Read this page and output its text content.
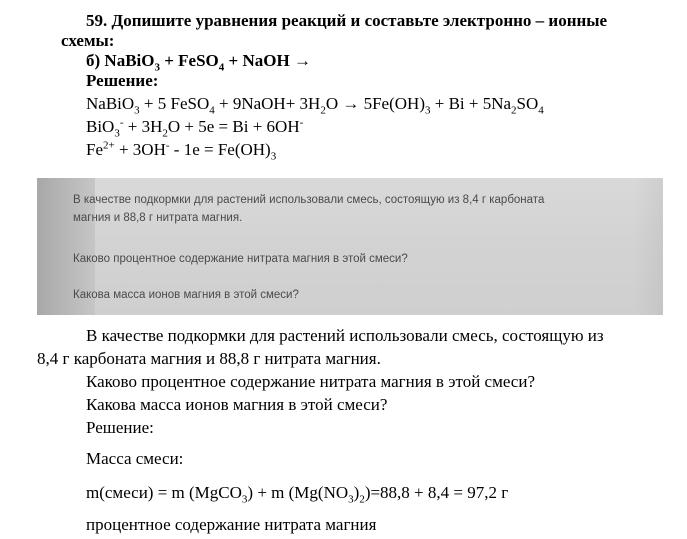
59. Допишите уравнения реакций и составьте электронно – ионные
схемы:
б) NaBiO$_3$ + FeSO$_4$ + NaOH →
Решение:
NaBiO$_3$ + 5 FeSO$_4$ + 9NaOH+ $3H_2O \to 5Fe(OH)_3 + Bi + 5Na_2SO_4$
$BiO_3^- + 3H_2O + 5e = Bi + 6OH^-$
$Fe^{2+} + 3OH^- - 1e = Fe(OH)_3$
В качестве подкормки для растений использовали смесь, состоящую из 8,4 г карбоната
магния и 88,8 г нитрата магния.
Каково процентное содержание нитрата магния в этой смеси?
Какова масса ионов магния в этой смеси?
В качестве подкормки для растений использовали смесь, состоящую из
8,4 г карбоната магния и 88,8 г нитрата магния.
Каково процентное содержание нитрата магния в этой смеси?
Какова масса ионов магния в этой смеси?
Решение:
Масса смеси:
m(смеси) = m (MgCO$_3$) + m $(Mg(NO_3)_2)=88,8 + 8,4 = 97,2$ г
процентное содержание нитрата магния
